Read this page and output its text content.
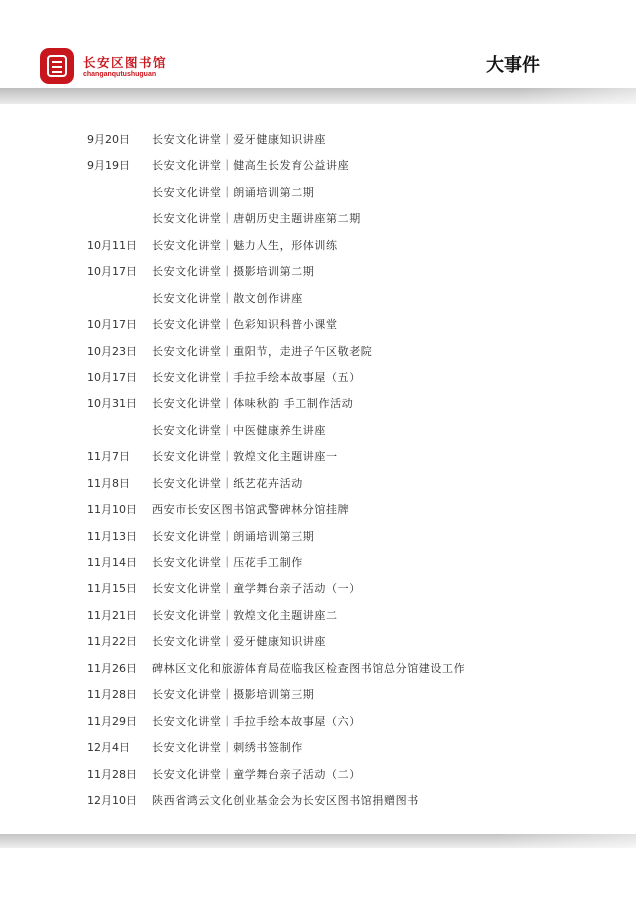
长安区图书馆
changanqutushuguan	大事件
9月20日 长安文化讲堂｜爱牙健康知识讲座
9月19日 长安文化讲堂｜健高生长发育公益讲座
长安文化讲堂｜朗诵培训第二期
长安文化讲堂｜唐朝历史主题讲座第二期
10月11日 长安文化讲堂｜魅力人生，形体训练
10月17日 长安文化讲堂｜摄影培训第二期
长安文化讲堂｜散文创作讲座
10月17日 长安文化讲堂｜色彩知识科普小课堂
10月23日 长安文化讲堂｜重阳节，走进子午区敬老院
10月17日 长安文化讲堂｜手拉手绘本故事屋（五）
10月31日 长安文化讲堂｜体味秋韵 手工制作活动
长安文化讲堂｜中医健康养生讲座
11月7日 长安文化讲堂｜敦煌文化主题讲座一
11月8日 长安文化讲堂｜纸艺花卉活动
11月10日 西安市长安区图书馆武警碑林分馆挂牌
11月13日 长安文化讲堂｜朗诵培训第三期
11月14日 长安文化讲堂｜压花手工制作
11月15日 长安文化讲堂｜童学舞台亲子活动（一）
11月21日 长安文化讲堂｜敦煌文化主题讲座二
11月22日 长安文化讲堂｜爱牙健康知识讲座
11月26日 碑林区文化和旅游体育局莅临我区检查图书馆总分馆建设工作
11月28日 长安文化讲堂｜摄影培训第三期
11月29日 长安文化讲堂｜手拉手绘本故事屋（六）
12月4日 长安文化讲堂｜刺绣书签制作
11月28日 长安文化讲堂｜童学舞台亲子活动（二）
12月10日 陕西省鸿云文化创业基金会为长安区图书馆捐赠图书
